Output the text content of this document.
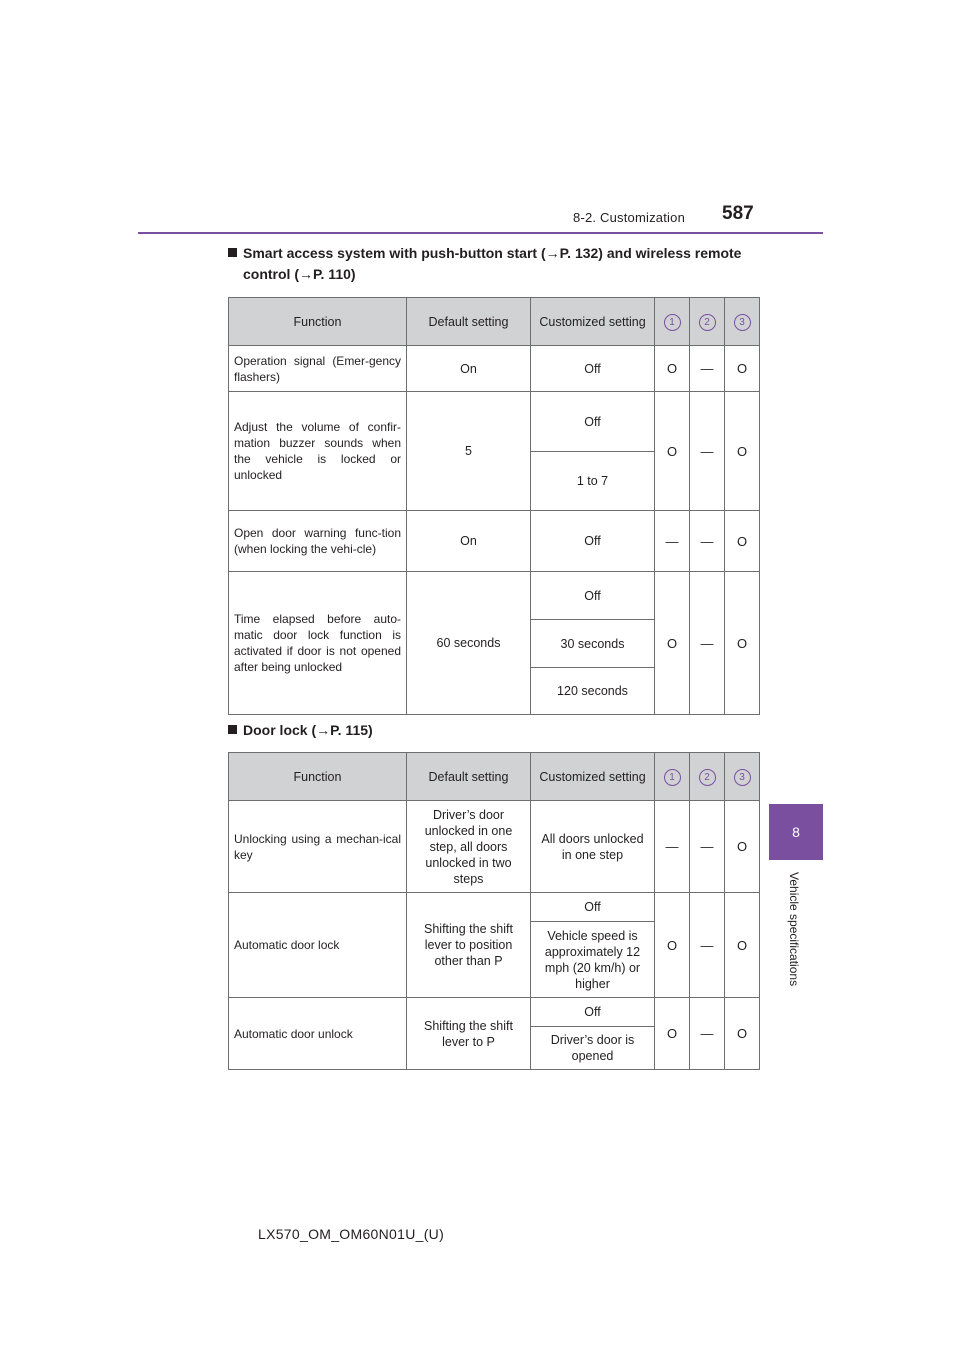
8-2. Customization 587
8
Vehicle specifications
Smart access system with push-button start (→P. 132) and wireless remote
control (→P. 110)
Function	Default setting	Customized setting	1	2	3
Operation signal (Emer-gency flashers)	On	Off	O	—	O
Adjust the volume of confir-mation buzzer sounds when the vehicle is locked or unlocked	5	Off	O	—	O
		1 to 7			
Open door warning func-tion (when locking the vehi-cle)	On	Off	—	—	O
Time elapsed before auto-matic door lock function is activated if door is not opened after being unlocked	60 seconds	Off	O	—	O
		30 seconds			
		120 seconds			
Door lock (→P. 115)
Function	Default setting	Customized setting	1	2	3
Unlocking using a mechan-ical key	Driver’s door unlocked in one step, all doors unlocked in two steps	All doors unlocked in one step	—	—	O
Automatic door lock	Shifting the shift lever to position other than P	Off	O	—	O
		Vehicle speed is approximately 12 mph (20 km/h) or higher			
Automatic door unlock	Shifting the shift lever to P	Off	O	—	O
		Driver’s door is opened			
LX570_OM_OM60N01U_(U)
